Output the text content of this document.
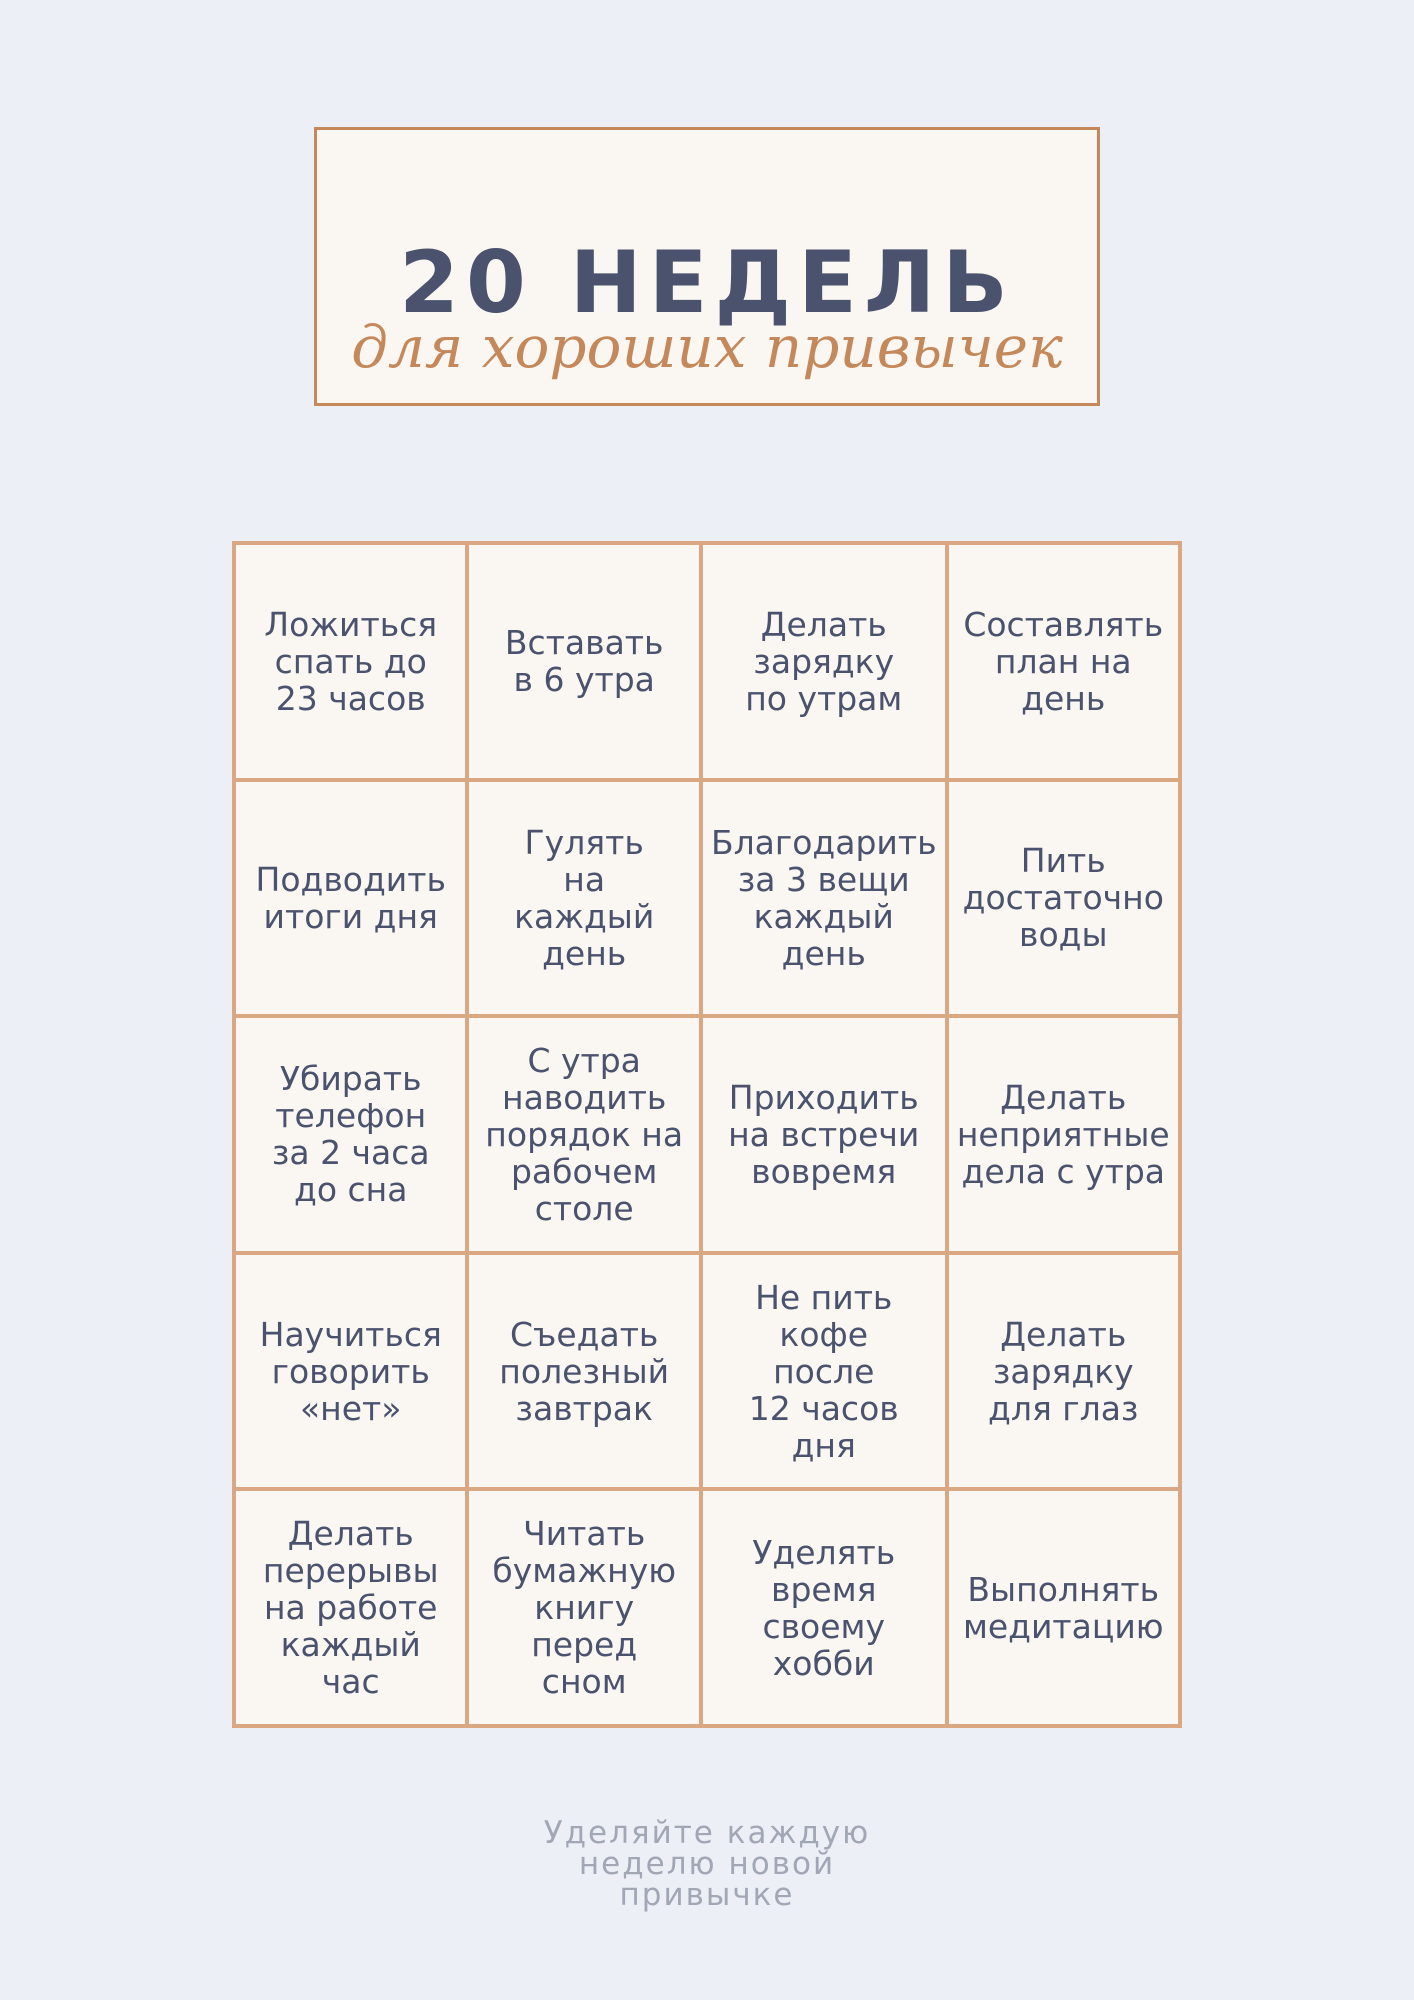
20 НЕДЕЛЬ
для хороших привычек
Ложиться
спать до
23 часов
Вставать
в 6 утра
Делать
зарядку
по утрам
Составлять
план на
день
Подводить
итоги дня
Гулять
на
каждый
день
Благодарить
за 3 вещи
каждый день
Пить
достаточно
воды
Убирать
телефон
за 2 часа
до сна
С утра
наводить
порядок на
рабочем
столе
Приходить
на встречи
вовремя
Делать
неприятные
дела с утра
Научиться
говорить
«нет»
Съедать
полезный
завтрак
Не пить
кофе
после
12 часов
дня
Делать
зарядку
для глаз
Делать
перерывы
на работе
каждый
час
Читать
бумажную
книгу
перед
сном
Уделять
время
своему
хобби
Выполнять
медитацию
Уделяйте каждую
неделю новой
привычке
